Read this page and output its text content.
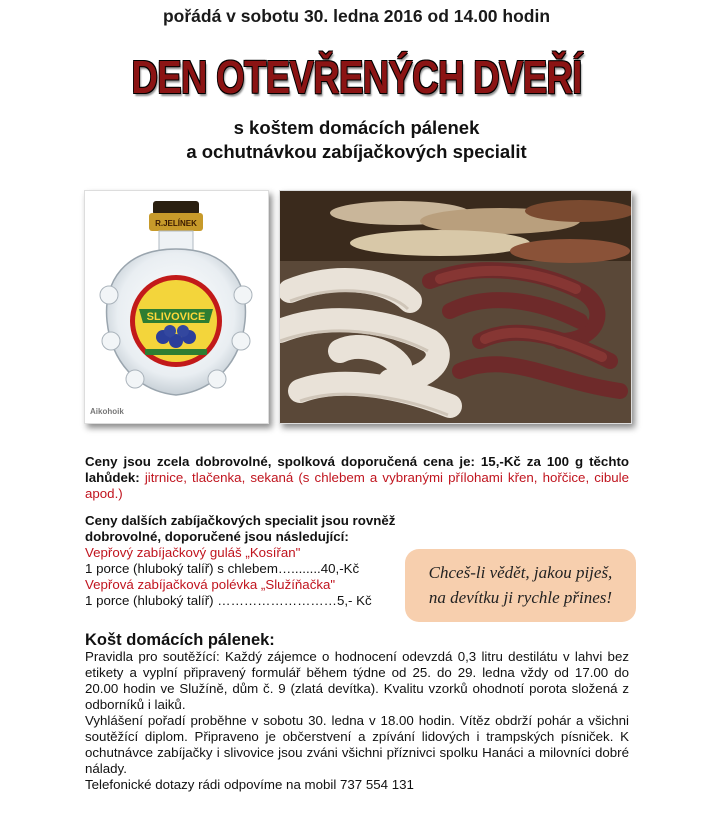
pořádá v sobotu 30. ledna 2016 od 14.00 hodin
DEN OTEVŘENÝCH DVEŘÍ
s koštem domácích pálenek
a ochutnávkou zabíjačkových specialit
R.JELÍNEK
SLIVOVICE
Aikohoik
Ceny jsou zcela dobrovolné, spolková doporučená cena je: 15,-Kč za 100 g těchto lahůdek: jitrnice, tlačenka, sekaná (s chlebem a vybranými přílohami křen, hořčice, cibule apod.)
Ceny dalších zabíjačkových specialit jsou rovněž dobrovolné, doporučené jsou následující:
Vepřový zabíjačkový guláš „Kosířan"
1 porce (hluboký talíř) s chlebem…........40,-Kč
Vepřová zabíjačková polévka „Služíňačka"
1 porce (hluboký talíř) ………………………5,- Kč
Chceš-li vědět, jakou piješ,
na devítku ji rychle přines!
Košt domácích pálenek:

Pravidla pro soutěžící: Každý zájemce o hodnocení odevzdá 0,3 litru destilátu v lahvi bez etikety a vyplní připravený formulář během týdne od 25. do 29. ledna vždy od 17.00 do 20.00 hodin ve Služíně, dům č. 9 (zlatá devítka). Kvalitu vzorků ohodnotí porota složená z odborníků i laiků.

Vyhlášení pořadí proběhne v sobotu 30. ledna v 18.00 hodin. Vítěz obdrží pohár a všichni soutěžící diplom. Připraveno je občerstvení a zpívání lidových i trampských písniček. K ochutnávce zabíjačky i slivovice jsou zváni všichni příznivci spolku Hanáci a milovníci dobré nálady.

Telefonické dotazy rádi odpovíme na mobil 737 554 131
